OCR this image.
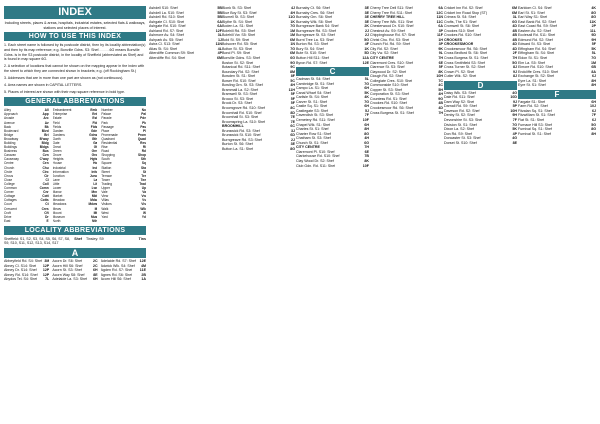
INDEX
Including streets, places & areas, hospitals, industrial estates, selected flats & walkways, stations and selected places of interest.
HOW TO USE THIS INDEX
1. Each street name is followed by its postcode district, then by its locality abbreviation(s) and then by its map reference; e.g. Bonville Gdns. S3: Shef. . . . . .6G means Bonville Gdns. is in the S3 postcode district, in the locality of Sheffield (abbreviated as Shef) and is found in map square 6G.
2. A selection of locations that cannot be shown on the mapping appear in the index with the street to which they are connected shown in brackets; e.g. (off Rockingham St.)
3. Addresses that are in more than one part are shown as (not continuous).
4. Area names are shown in CAPITAL LETTERS.
5. Places of interest are shown with their map square reference in bold type.
GENERAL ABBREVIATIONS
Alley	All
Approach	App
Arcade	Arc
Avenue	Av
Back	Bk
Boulevard	Blvd
Bridge	Bri
Broadway	B'way
Building	Bldg
Buildings	Bldgs
Business	Bus
Caravan	Cvn
Causeway	C'way
Centre	Cen
Church	Chu
Circle	Circ
Circus	Cir
Close	CI
College	Coll
Common	Comn
Corner	Cnr
Cottage	Cott
Cottages	Cotts
Court	Ct
Crescent	Cres
Croft	Cft
Drive	Dr
East	E
Embankment	Emb
Enterprise	Ent
Estate	Est
Field	Fld
Fields	Flds
Garden	Gdn
Gardens	Gdns
Garth	Gth
Gate	Ga
Great	Gt
Green	Grn
Grove	Gro
Heights	Hgts
House	Ho
Industrial	Ind
Information	Info
Junction	Junc
Lane	La
Little	Lit
Lower	Lwr
Manor	Mnr
Market	Mkt
Meadow	Mdw
Meadows	Mdws
Mews	M
Mount	Mt
Museum	Mus
North	Nth
Number	No
Palace	Pal
Parade	Pde
Park	Pk
Passage	Pas
Place	Pl
Promenade	Prom
Quadrant	Quad
Residential	Res
Rise	Ri
Road	Rd
Shopping	Shop
South	Sth
Square	Sq
Station	Sta
Street	St
Terrace	Ter
Tower	Twr
Trading	Trad
Upper	Up
Vale	Va
View	Vw
Villas	Vs
Visitors	Vis
Walk	Wlk
West	W
Yard	Yd
LOCALITY ABBREVIATIONS
Sheffield: S1, S2, S3, S4, S5, S6, S7, S8, S9, S10, S11, S12, S13, S14, S17
Shef Tinsley: S9	Tins
A
Abbeyfield Rd. S4: Shef 3M
Abney Cl. S14: Shef 12P
Abney Dr. S14: Shef 12P
Abney Rd. S14: Shef 12P
Abydos Tel. S4: Shef 7L
Acorn Dr. S6: Shef	2C
Acorn Hill S6: Shef	2C
Acorn St. S3: Shef	6H
Acorn Way S8: Shef 8E
Adelaide La. S3: Shef 6H
Adelaide Rd. S7: Shef 12E
Adwick Wlk. S4: Shef 4M
Agden Rd. S7: Shef 11E
Agnes Rd. S6: Shef	2B
Acorn Hill S6: Shef	1A
Ashdell S10: Shef	5B
Ashdell La. S10: Shef	5B
Ashdell Rd. S10: Shef	5B
Ashgate Cl. S10: Shef	6A
Ashgate Rd. S10: Shef	6A
Ashland Rd. S7: Shef	12F
Ashmore Av. S4: Shef	3L
Ashpark Av. S5: Shef	1J
Astra Cl. S13: Shef	11N
Atlas St. S4: Shef	4L
Attercliffe Common S9: Shef	4P
Attercliffe Rd. S4: Shef	6M
Blonk St. S3: Shef	4J
Blue Boy St. S3: Shef	4H
Blumell St. S3: Shef	11O
Blythe St. S4: Shef	1K
Boden La. S1: Shef	7G
Bolehill Rd. S5: Shef	1M
Bolehill Vw. S5: Shef	1M
Bold St. S9: Shef	6M
Bolsover Rd. S5: Shef	1N
Bolton St. S3: Shef	7G
Bond Pl. S9: Shef	6M
Bonville Gdns. S3: Shef	6G
Boston St. S2: Shef	9G
Botanical Rd. S11: Shef	9C
Boundary Rd. S2: Shef	8M
Bowden St. S1: Shef	8F
Bower Rd. S10: Shef	5C
Bowling Grn. St. S3: Shef	4H
Brammall La. S2: Shef	11H
Bramwell St. S3: Shef	5F
Brocco St. S3: Shef	5F
Brook Dr. S3: Shef	5F
Broomgrove Rd. S10: Shef	8C
Broomhall Rd. S10: Shef	8D
Broomhall St. S3: Shef	7E
Broomspring La. S10: Shef	7E
BROOMHILL	6C
Brunswick Rd. S3: Shef	3J
Brunswick St. S10: Shef	6D
Burngreave Rd. S3: Shef	2J
Burton St. S6: Shef	3E
Button La. S1: Shef	8G
Burnaby Ct. S6: Shef	3E
Burnaby Cres. S6: Shef	3E
Burnaby Grn. S6: Shef	3E
Burnaby Wlk. S6: Shef	3E
Burngreave Bank S4: Shef	2K
Burngreave Rd. S3: Shef	2J
Burngreave St. S3: Shef	2J
Burnt Tree La. S3: Shef	5G
Burton Rd. S3: Shef	4F
Bury St. S4: Shef	1K
Bute St. S10: Shef	5D
Button Hill S11: Shef	12A
Byron Rd. S7: Shef	12E
C
Cadman St. S4: Shef	5L
Cambridge St. S1: Shef	7G
Campo La. S1: Shef	6H
Canal Wharf S4: Shef	5K
Carlisle St. S4: Shef	4K
Carver St. S1: Shef	7G
Castle Sq. S1: Shef	6H
Castlegate S3: Shef	5J
Cavendish St. S3: Shef	7F
Cemetery Rd. S11: Shef	10F
Chapel Wlk. S1: Shef	6H
Charles St. S1: Shef	8H
Charter Row S1: Shef	8G
Chatham St. S3: Shef	4H
Church St. S1: Shef	6G
CITY CENTRE	7H
Claremont Pl. S10: Shef	6E
Clarkehouse Rd. S10: Shef	7B
Clay Wood Dr. S2: Shef	8K
Club Gdn. Rd. S11: Shef	10F
Cherry Tree Dell S11: Shef	9A
Cherry Tree Rd. S11: Shef	12C
CHERRY TREE HILL	11N
Cherry Tree Wlk. S11: Shef	11C
Chesterwood Dr. S10: Shef	6A
Chestnut Av. S9: Shef	3P
Chippinghouse Rd. S7: Shef	11F
Christ Chu. Rd. S3: Shef	1H
Church Fld. Rd. S9: Shef	3P
City Rd. S2: Shef	9K
City Vw. S2: Shef	9L
CITY CENTRE	7H
Claremont Cres. S10: Shef	6E
Clarence St. S3: Shef	5F
Claywood Dr. S2: Shef	8K
Clough Rd. S2: Shef	10H
Collegiate Cres. S10: Shef	7C
Commonside S10: Shef	4C
Copper St. S3: Shef	5H
Corporation St. S3: Shef	4H
Countess Rd. S1: Shef	9G
Crookes Rd. S10: Shef	4B
Crookesmoor Rd. S6: Shef	4D
Cross Burgess St. S1: Shef	7H
Cricket Inn Rd. S2: Shef	6M
Cricket Inn Road Stop (ST)	6M
Crimea St. S4: Shef	3L
Crofts, The S1: Shef	6G
Cromwell St. S6: Shef	4D
Crookes S10: Shef	4B
Crookes Rd. S10: Shef	4B
CROOKES	4B
CROOKESMOOR	4D
Crookesmoor Rd. S6: Shef	4D
Cross Bedford St. S6: Shef	2F
Cross Burgess St. S1: Shef	7H
Cross Smithfield S3: Shef	5G
Cross Turner St. S2: Shef	8J
Crown Pl. S2: Shef	9J
Cutler Wlk. S2: Shef	8J
D
Daisy Wlk. S3: Shef	4G
Dale Rd. S11: Shef	10D
Dam Way S2: Shef	9J
Darnall Rd. S9: Shef	5P
Daveson Rd. S2: Shef	10H
Denby St. S2: Shef	9H
Devonshire St. S3: Shef	7F
Division St. S1: Shef	7G
Dixon La. S2: Shef	5K
Don Rd. S9: Shef	4P
Doncaster St. S3: Shef	4G
Dorset St. S10: Shef	8E
Earldom Cl. S4: Shef	4K
Earl St. S1: Shef	8G
Earl Way S1: Shef	8G
East Bank Rd. S2: Shef	11K
East Coast Rd. S9: Shef	2P
Eastern Av. S2: Shef	11L
Ecclesall Rd. S11: Shef	9D
Edmund Rd. S2: Shef	9H
Edward St. S3: Shef	5F
Effingham Rd. S4: Shef	5K
Effingham St. S4: Shef	5L
Eldon St. S1: Shef	7G
Elm La. S5: Shef	1M
Elmore Rd. S10: Shef	6B
Endcliffe Cres. S10: Shef	8A
Exchange St. S2: Shef	6J
Eyre La. S1: Shef	8H
Eyre St. S1: Shef	8H
F
Fargate S1: Shef	6H
Farm Rd. S2: Shef	10J
Fitzalan Sq. S1: Shef	6J
Fitzwilliam St. S1: Shef	7F
Flat St. S1: Shef	6J
Furnace Hill S3: Shef	5G
Furnival Sq. S1: Shef	8G
Furnival St. S1: Shef	8H
